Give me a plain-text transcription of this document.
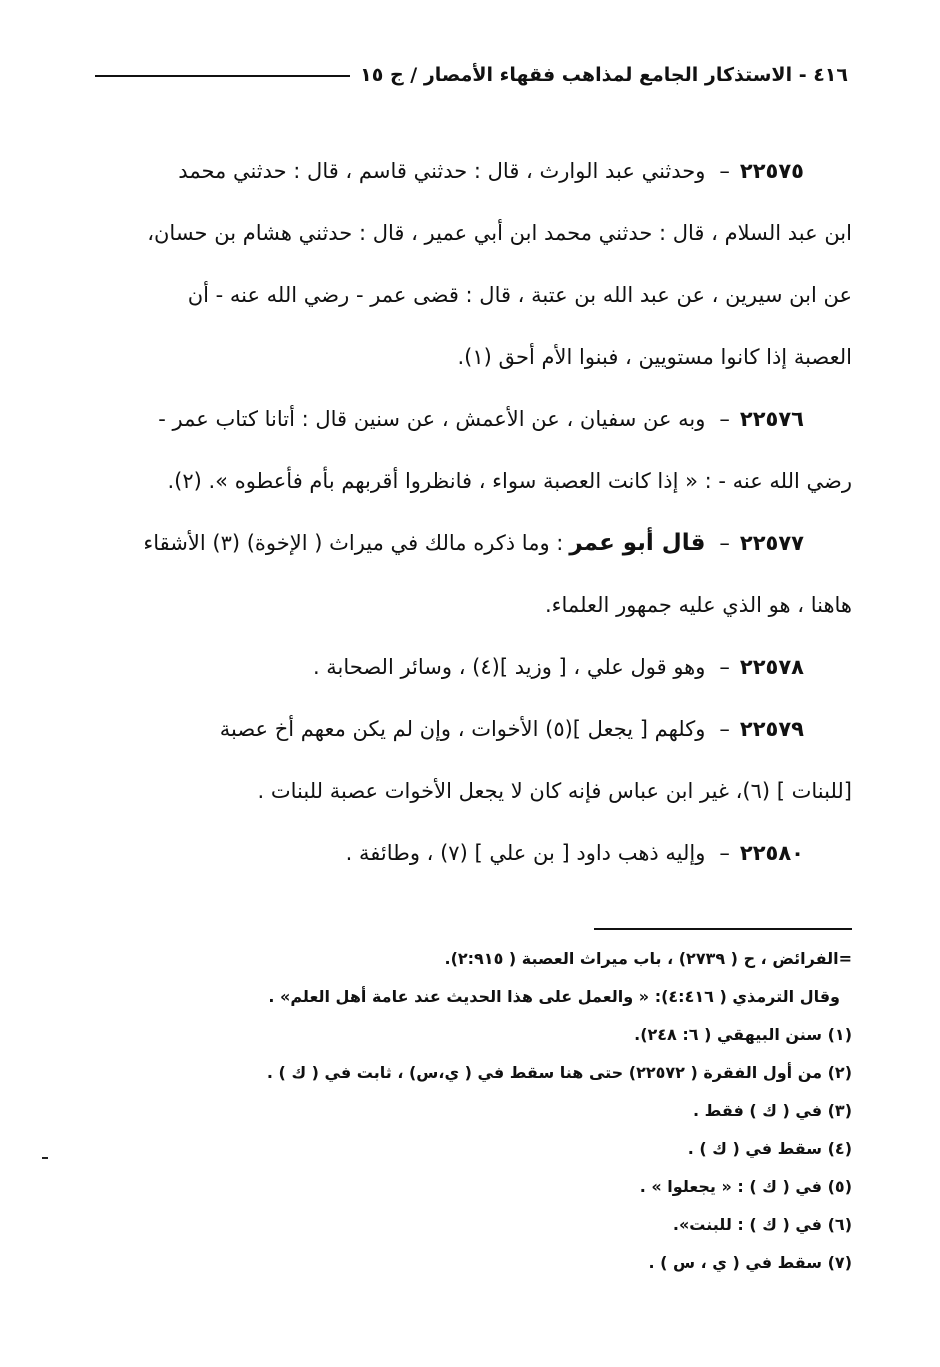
٤١٦ - الاستذكار الجامع لمذاهب فقهاء الأمصار / ج ١٥
٢٢٥٧٥
–
وحدثني عبد الوارث ، قال : حدثني قاسم ، قال : حدثني محمد
ابن عبد السلام ، قال : حدثني محمد ابن أبي عمير ، قال : حدثني هشام بن حسان،
عن ابن سيرين ، عن عبد الله بن عتبة ، قال : قضى عمر - رضي الله عنه - أن
العصبة إذا كانوا مستويين ، فبنوا الأم أحق (١).
٢٢٥٧٦
–
وبه عن سفيان ، عن الأعمش ، عن سنين قال : أتانا كتاب عمر -
رضي الله عنه - : « إذا كانت العصبة سواء ، فانظروا أقربهم بأم فأعطوه ». (٢).
٢٢٥٧٧
–
قال أبو عمر
: وما ذكره مالك في ميراث ( الإخوة) (٣) الأشقاء
هاهنا ، هو الذي عليه جمهور العلماء.
٢٢٥٧٨
–
وهو قول علي ، [ وزيد ](٤) ، وسائر الصحابة .
٢٢٥٧٩
–
وكلهم [ يجعل ](٥) الأخوات ، وإن لم يكن معهم أخ عصبة
[للبنات ] (٦)، غير ابن عباس فإنه كان لا يجعل الأخوات عصبة للبنات .
٢٢٥٨٠
–
وإليه ذهب داود [ بن علي ] (٧) ، وطائفة .
=الفرائض ، ح ( ٢٧٣٩) ، باب ميراث العصبة ( ٢:٩١٥).
وقال الترمذي ( ٤:٤١٦): « والعمل على هذا الحديث عند عامة أهل العلم» .
(١) سنن البيهقي ( ٦: ٢٤٨).
(٢) من أول الفقرة ( ٢٢٥٧٢) حتى هنا سقط في ( ي،س) ، ثابت في ( ك ) .
(٣) في ( ك ) فقط .
(٤) سقط في ( ك ) .
(٥) في ( ك ) : « يجعلوا » .
(٦) في ( ك ) : للبنت».
(٧) سقط في ( ي ، س ) .
